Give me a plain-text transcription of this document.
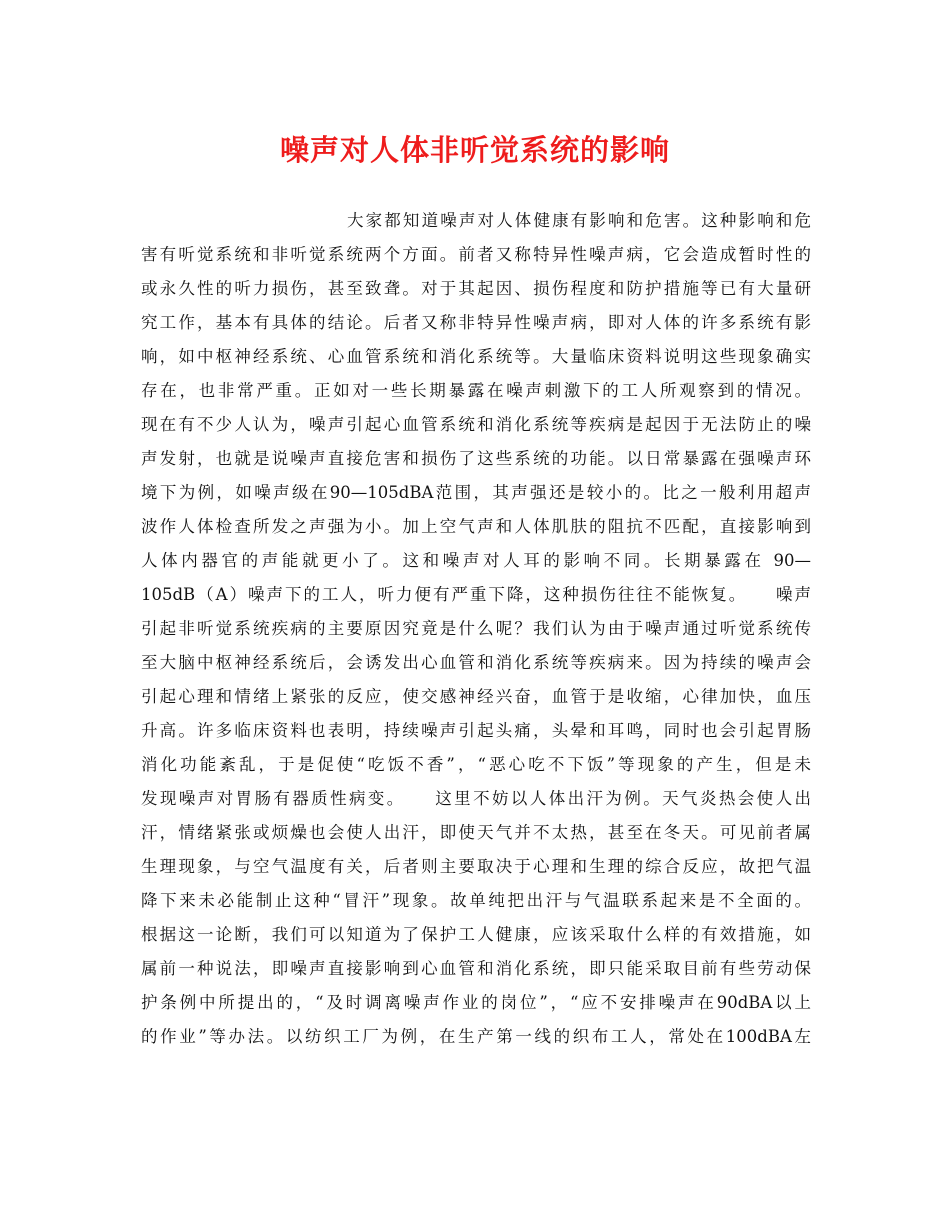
噪声对人体非听觉系统的影响
大家都知道噪声对人体健康有影响和危害。这种影响和危
害有听觉系统和非听觉系统两个方面。前者又称特异性噪声病，它会造成暂时性的
或永久性的听力损伤，甚至致聋。对于其起因、损伤程度和防护措施等已有大量研
究工作，基本有具体的结论。后者又称非特异性噪声病，即对人体的许多系统有影
响，如中枢神经系统、心血管系统和消化系统等。大量临床资料说明这些现象确实
存在，也非常严重。正如对一些长期暴露在噪声刺激下的工人所观察到的情况。
现在有不少人认为，噪声引起心血管系统和消化系统等疾病是起因于无法防止的噪
声发射，也就是说噪声直接危害和损伤了这些系统的功能。以日常暴露在强噪声环
境下为例，如噪声级在90—105dBA范围，其声强还是较小的。比之一般利用超声
波作人体检查所发之声强为小。加上空气声和人体肌肤的阻抗不匹配，直接影响到
人体内器官的声能就更小了。这和噪声对人耳的影响不同。长期暴露在 90—
105dB（A）噪声下的工人，听力便有严重下降，这种损伤往往不能恢复。　　噪声
引起非听觉系统疾病的主要原因究竟是什么呢？我们认为由于噪声通过听觉系统传
至大脑中枢神经系统后，会诱发出心血管和消化系统等疾病来。因为持续的噪声会
引起心理和情绪上紧张的反应，使交感神经兴奋，血管于是收缩，心律加快，血压
升高。许多临床资料也表明，持续噪声引起头痛，头晕和耳鸣，同时也会引起胃肠
消化功能紊乱，于是促使“吃饭不香”，“恶心吃不下饭”等现象的产生，但是未
发现噪声对胃肠有器质性病变。　　这里不妨以人体出汗为例。天气炎热会使人出
汗，情绪紧张或烦燥也会使人出汗，即使天气并不太热，甚至在冬天。可见前者属
生理现象，与空气温度有关，后者则主要取决于心理和生理的综合反应，故把气温
降下来未必能制止这种“冒汗”现象。故单纯把出汗与气温联系起来是不全面的。
根据这一论断，我们可以知道为了保护工人健康，应该采取什么样的有效措施，如
属前一种说法，即噪声直接影响到心血管和消化系统，即只能采取目前有些劳动保
护条例中所提出的，“及时调离噪声作业的岗位”，“应不安排噪声在90dBA以上
的作业”等办法。以纺织工厂为例，在生产第一线的织布工人，常处在100dBA左
